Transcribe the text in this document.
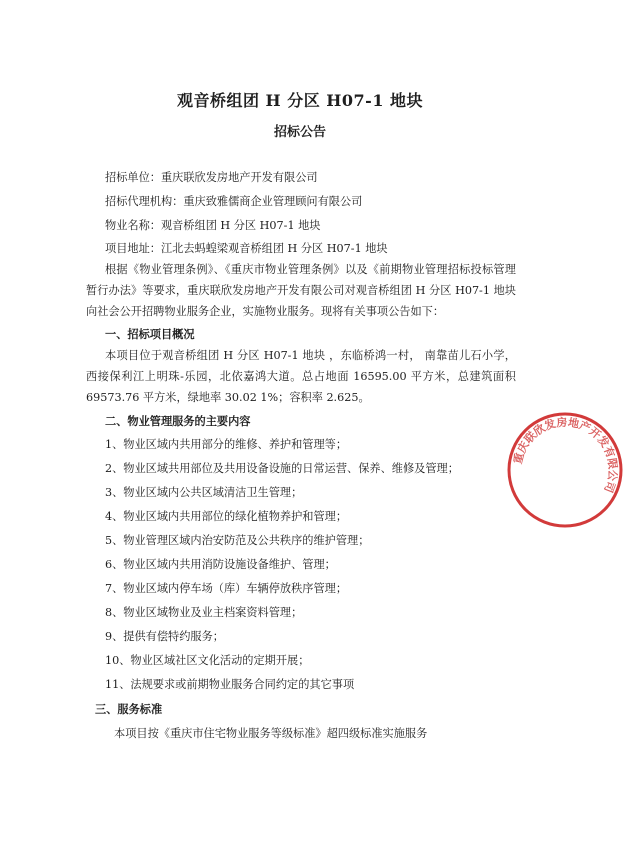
观音桥组团 H 分区 H07-1 地块
招标公告
招标单位：重庆联欣发房地产开发有限公司
招标代理机构：重庆致雅儒商企业管理顾问有限公司
物业名称：观音桥组团 H 分区 H07-1 地块
项目地址：江北去蚂蝗梁观音桥组团 H 分区 H07-1 地块
根据《物业管理条例》、《重庆市物业管理条例》以及《前期物业管理招标投标管理暂行办法》等要求，重庆联欣发房地产开发有限公司对观音桥组团 H 分区 H07-1 地块向社会公开招聘物业服务企业，实施物业服务。现将有关事项公告如下：
一、招标项目概况
本项目位于观音桥组团 H 分区 H07-1 地块 ，东临桥鸿一村， 南靠苗儿石小学，西接保利江上明珠-乐园，北依嘉鸿大道。总占地面 16595.00 平方米，总建筑面积 69573.76 平方米，绿地率 30.02 1%；容积率 2.625。
二、物业管理服务的主要内容
1、物业区域内共用部分的维修、养护和管理等；
2、物业区域共用部位及共用设备设施的日常运营、保养、维修及管理；
3、物业区域内公共区域清洁卫生管理；
4、物业区域内共用部位的绿化植物养护和管理；
5、物业管理区域内治安防范及公共秩序的维护管理；
6、物业区域内共用消防设施设备维护、管理；
7、物业区域内停车场（库）车辆停放秩序管理；
8、物业区域物业及业主档案资料管理；
9、提供有偿特约服务；
10、物业区域社区文化活动的定期开展；
11、法规要求或前期物业服务合同约定的其它事项
三、服务标准
本项目按《重庆市住宅物业服务等级标准》超四级标准实施服务
重庆联欣发房地产开发有限公司
